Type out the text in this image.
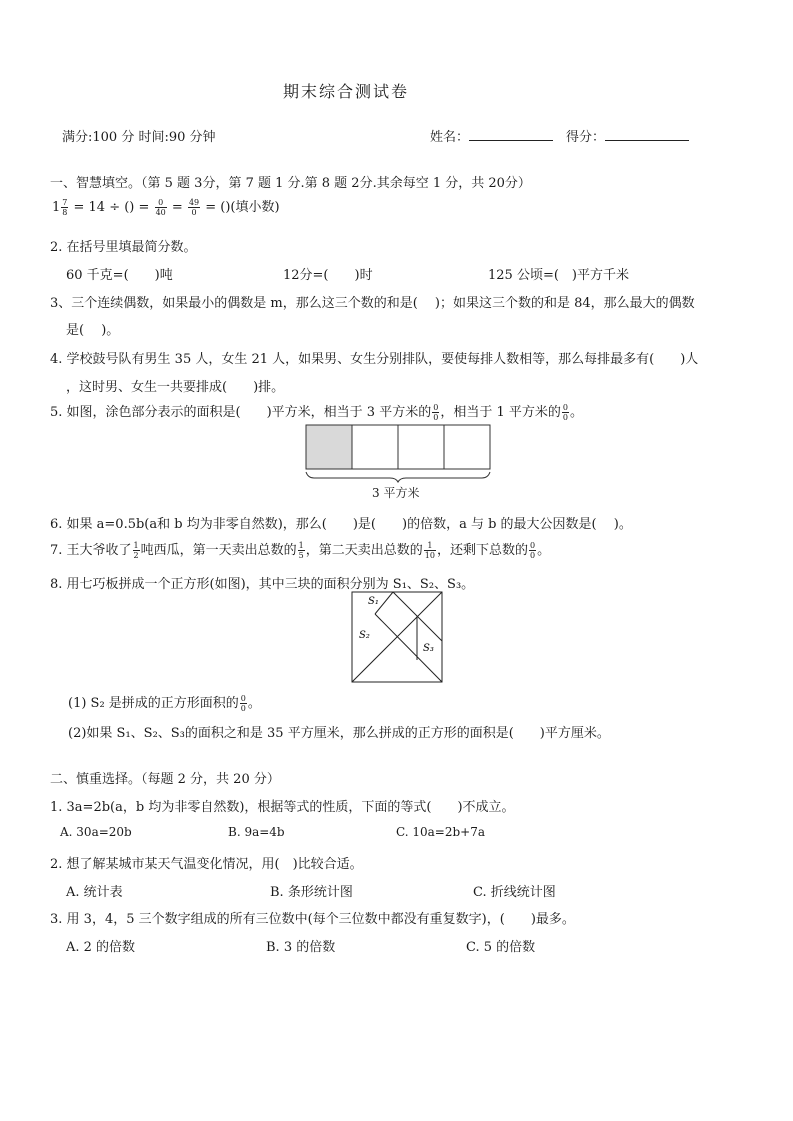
期末综合测试卷
满分:100 分 时间:90 分钟	姓名：	得分：
一、智慧填空。（第 5 题 3分，第 7 题 1 分.第 8 题 2分.其余每空 1 分，共 20分）
$1 \frac{7}{8} = 14$ ÷ () = $\frac{0}{40} = \frac{49}{0}$ = ()(填小数)
2. 在括号里填最简分数。
60 千克=(　　)吨	12分=(　　)时	125 公顷=(　)平方千米
3、三个连续偶数，如果最小的偶数是 m，那么这三个数的和是(　 )；如果这三个数的和是 84，那么最大的偶数
是(　 )。
4. 学校鼓号队有男生 35 人，女生 21 人，如果男、女生分别排队，要使每排人数相等，那么每排最多有(　　)人
，这时男、女生一共要排成(　　)排。
5. 如图，涂色部分表示的面积是(　　)平方米，相当于 3 平方米的 $\frac{0}{0}$ ，相当于 1 平方米的 $\frac{0}{0}$ 。
3 平方米
6. 如果 a=0.5b(a和 b 均为非零自然数)，那么(　　)是(　　)的倍数，a 与 b 的最大公因数是(　 )。
7. 王大爷收了 $\frac{1}{2}$ 吨西瓜，第一天卖出总数的 $\frac{1}{5}$ ，第二天卖出总数的 $\frac{1}{10}$ ，还剩下总数的 $\frac{0}{0}$ 。
8. 用七巧板拼成一个正方形(如图)，其中三块的面积分别为 S₁、S₂、S₃。
S₁
S₂
S₃
(1) S₂ 是拼成的正方形面积的 $\frac{0}{0}$ 。
(2)如果 S₁、S₂、S₃的面积之和是 35 平方厘米，那么拼成的正方形的面积是(　　)平方厘米。
二、慎重选择。（每题 2 分，共 20 分）
1. 3a=2b(a，b 均为非零自然数)，根据等式的性质，下面的等式(　　)不成立。
A. 30a=20b	B. 9a=4b	C. 10a=2b+7a
2. 想了解某城市某天气温变化情况，用(　)比较合适。
A. 统计表	B. 条形统计图	C. 折线统计图
3. 用 3，4，5 三个数字组成的所有三位数中(每个三位数中都没有重复数字)，(　　)最多。
A. 2 的倍数	B. 3 的倍数	C. 5 的倍数
